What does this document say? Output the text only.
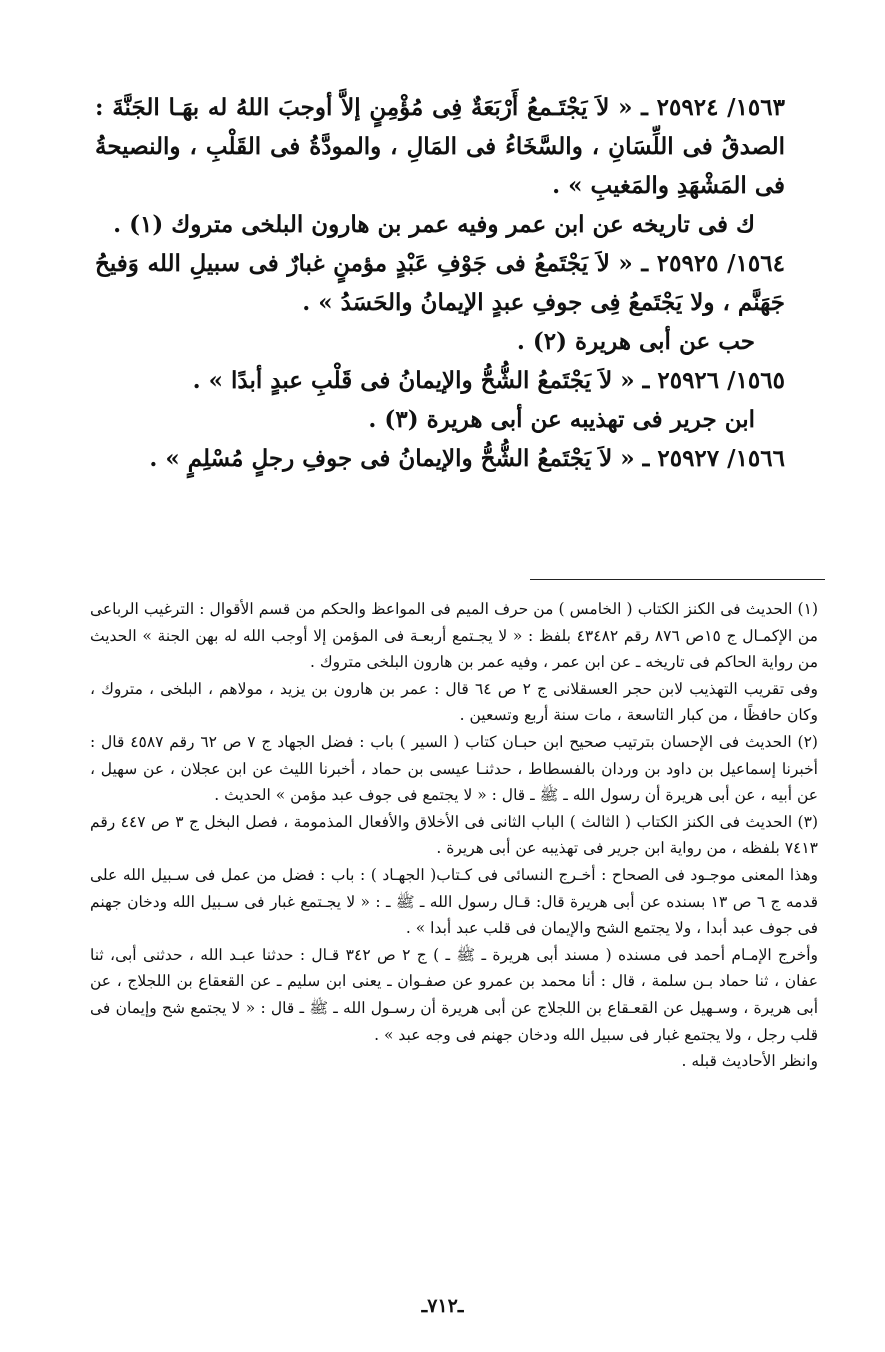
١٥٦٣/ ٢٥٩٢٤ ـ « لاَ يَجْتَـمعُ أَرْبَعَةٌ فِى مُؤْمِنٍ إلاَّ أوجبَ اللهُ له بهَـا الجَنَّةَ : الصدقُ فى اللِّسَانِ ، والسَّخَاءُ فى المَالِ ، والمودَّةُ فى القَلْبِ ، والنصيحةُ فى المَشْهَدِ والمَغيبِ » .

ك فى تاريخه عن ابن عمر وفيه عمر بن هارون البلخى متروك (١) .

١٥٦٤/ ٢٥٩٢٥ ـ « لاَ يَجْتَمعُ فى جَوْفِ عَبْدٍ مؤمنٍ غبارٌ فى سبيلِ الله وَفيحُ جَهَنَّم ، ولا يَجْتَمعُ فِى جوفِ عبدٍ الإيمانُ والحَسَدُ » .

حب عن أبى هريرة (٢) .

١٥٦٥/ ٢٥٩٢٦ ـ « لاَ يَجْتَمعُ الشُّحُّ والإيمانُ فى قَلْبِ عبدٍ أبدًا » .

ابن جرير فى تهذيبه عن أبى هريرة (٣) .

١٥٦٦/ ٢٥٩٢٧ ـ « لاَ يَجْتَمعُ الشُّحُّ والإيمانُ فى جوفِ رجلٍ مُسْلِمٍ » .

(١) الحديث فى الكنز الكتاب ( الخامس ) من حرف الميم فى المواعظ والحكم من قسم الأقوال : الترغيب الرباعى من الإكمـال ج ١٥ص ٨٧٦ رقم ٤٣٤٨٢ بلفظ : « لا يجـتمع أربعـة فى المؤمن إلا أوجب الله له بهن الجنة » الحديث من رواية الحاكم فى تاريخه ـ عن ابن عمر ، وفيه عمر بن هارون البلخى متروك .

وفى تقريب التهذيب لابن حجر العسقلانى ج ٢ ص ٦٤ قال : عمر بن هارون بن يزيد ، مولاهم ، البلخى ، متروك ، وكان حافظًا ، من كبار التاسعة ، مات سنة أربع وتسعين .

(٢) الحديث فى الإحسان بترتيب صحيح ابن حبـان كتاب ( السير ) باب : فضل الجهاد ج ٧ ص ٦٢ رقم ٤٥٨٧ قال : أخبرنا إسماعيل بن داود بن وردان بالفسطاط ، حدثنـا عيسى بن حماد ، أخبرنا الليث عن ابن عجلان ، عن سهيل ، عن أبيه ، عن أبى هريرة أن رسول الله ـ ﷺ ـ قال : « لا يجتمع فى جوف عبد مؤمن » الحديث .

(٣) الحديث فى الكنز الكتاب ( الثالث ) الباب الثانى فى الأخلاق والأفعال المذمومة ، فصل البخل ج ٣ ص ٤٤٧ رقم ٧٤١٣ بلفظه ، من رواية ابن جرير فى تهذيبه عن أبى هريرة .

وهذا المعنى موجـود فى الصحاح : أخـرج النسائى فى كـتاب( الجهـاد ) : باب : فضل من عمل فى سـبيل الله على قدمه ج ٦ ص ١٣ بسنده عن أبى هريرة قال: قـال رسول الله ـ ﷺ ـ : « لا يجـتمع غبار فى سـبيل الله ودخان جهنم فى جوف عبد أبدا ، ولا يجتمع الشح والإيمان فى قلب عبد أبدا » .

وأخرج الإمـام أحمد فى مسنده ( مسند أبى هريرة ـ ﷺ ـ ) ج ٢ ص ٣٤٢ قـال : حدثنا عبـد الله ، حدثنى أبى، ثنا عفان ، ثنا حماد بـن سلمة ، قال : أنا محمد بن عمرو عن صفـوان ـ يعنى ابن سليم ـ عن القعقاع بن اللجلاج ، عن أبى هريرة ، وسـهيل عن القعـقاع بن اللجلاج عن أبى هريرة أن رسـول الله ـ ﷺ ـ قال : « لا يجتمع شح وإيمان فى قلب رجل ، ولا يجتمع غبار فى سبيل الله ودخان جهنم فى وجه عبد » .

وانظر الأحاديث قبله .

ـ٧١٢ـ
